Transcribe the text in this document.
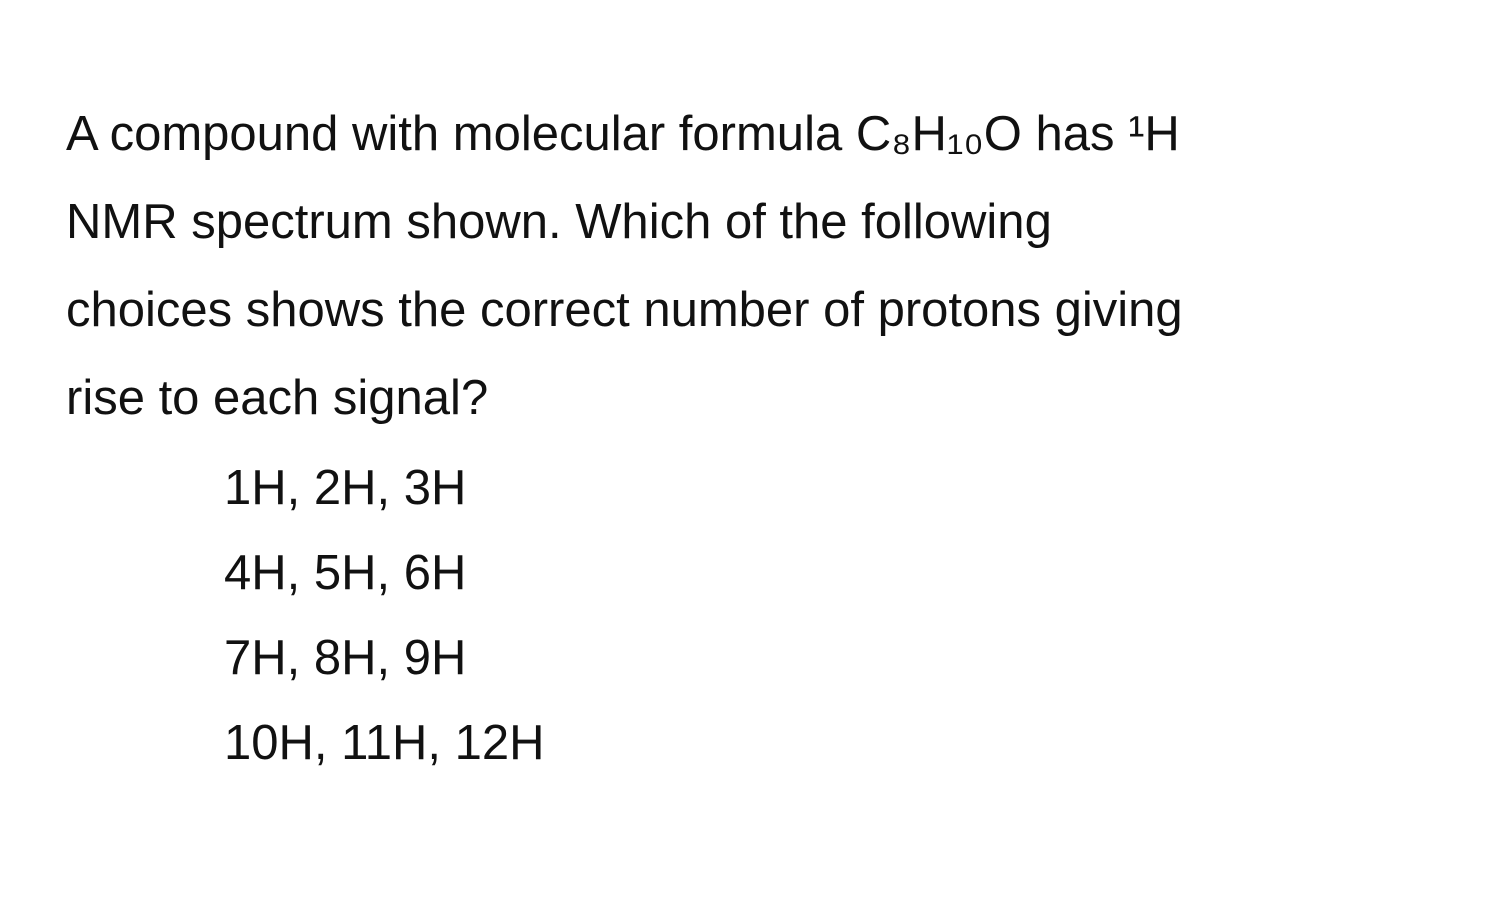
A compound with molecular formula C₈H₁₀O has ¹H
NMR spectrum shown. Which of the following
choices shows the correct number of protons giving
rise to each signal?

1H, 2H, 3H
4H, 5H, 6H
7H, 8H, 9H
10H, 11H, 12H
